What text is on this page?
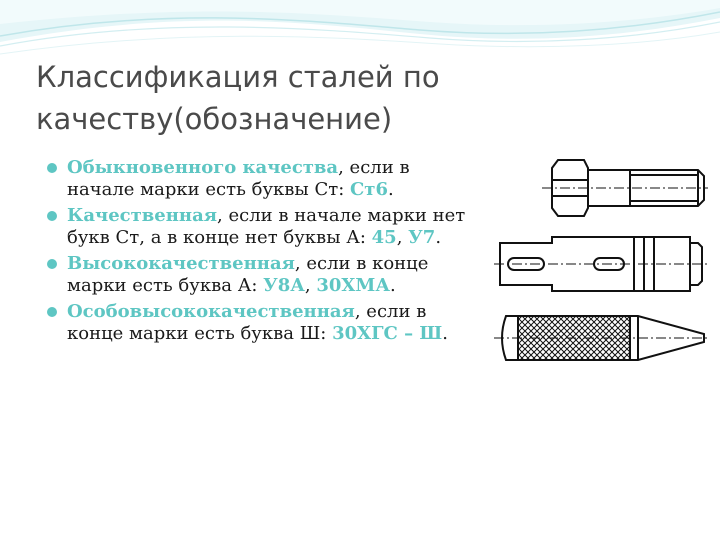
Классификация сталей по качеству(обозначение)
Обыкновенного качества, если в начале марки есть буквы Ст: Ст6.
Качественная, если в начале марки нет букв Ст, а в конце нет буквы А: 45, У7.
Высококачественная, если в конце марки есть буква А: У8А, 30ХМА.
Особовысококачественная, если в конце марки есть буква Ш: 30ХГС – Ш.
